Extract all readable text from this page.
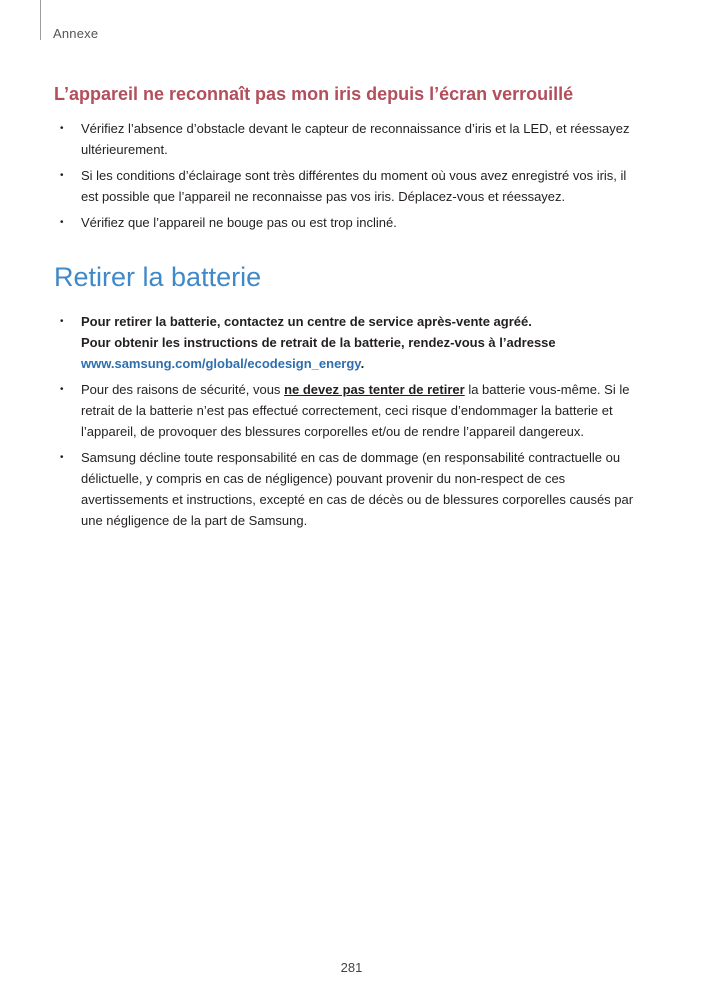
Annexe
L’appareil ne reconnaît pas mon iris depuis l’écran verrouillé
• Vérifiez l’absence d’obstacle devant le capteur de reconnaissance d’iris et la LED, et réessayez ultérieurement.
• Si les conditions d’éclairage sont très différentes du moment où vous avez enregistré vos iris, il est possible que l’appareil ne reconnaisse pas vos iris. Déplacez-vous et réessayez.
• Vérifiez que l’appareil ne bouge pas ou est trop incliné.
Retirer la batterie
• Pour retirer la batterie, contactez un centre de service après-vente agréé.
Pour obtenir les instructions de retrait de la batterie, rendez-vous à l’adresse
www.samsung.com/global/ecodesign_energy.
• Pour des raisons de sécurité, vous ne devez pas tenter de retirer la batterie vous-même. Si le retrait de la batterie n’est pas effectué correctement, ceci risque d’endommager la batterie et l’appareil, de provoquer des blessures corporelles et/ou de rendre l’appareil dangereux.
• Samsung décline toute responsabilité en cas de dommage (en responsabilité contractuelle ou délictuelle, y compris en cas de négligence) pouvant provenir du non-respect de ces avertissements et instructions, excepté en cas de décès ou de blessures corporelles causés par une négligence de la part de Samsung.
281
